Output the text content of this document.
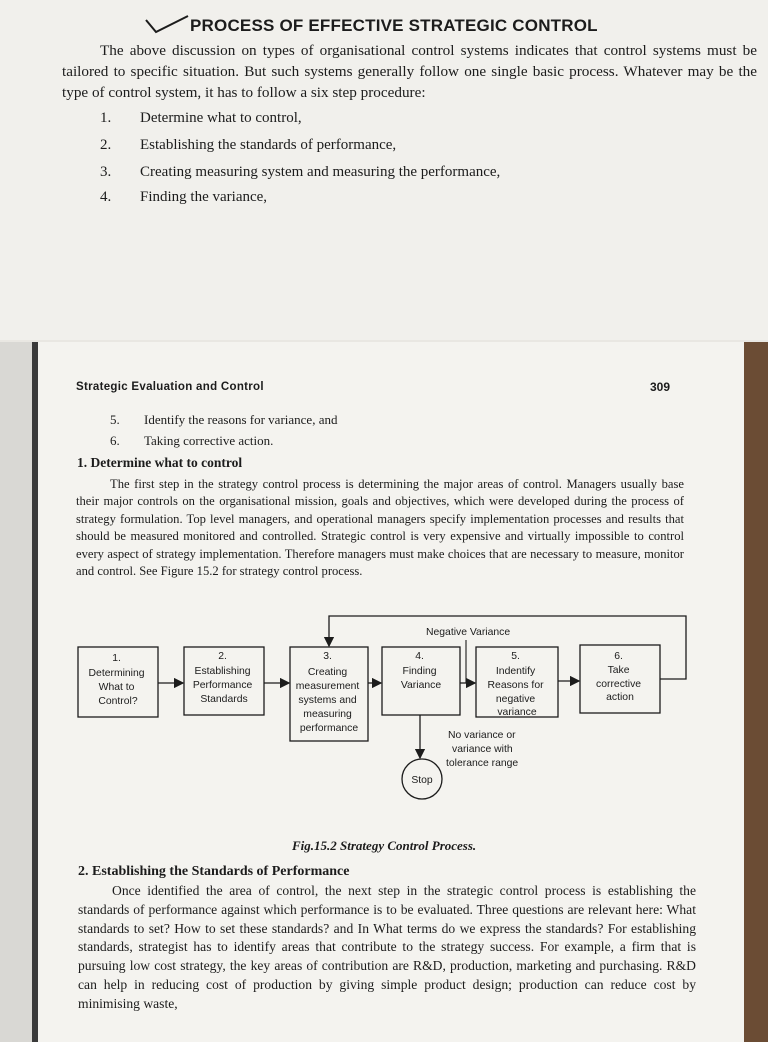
PROCESS OF EFFECTIVE STRATEGIC CONTROL

The above discussion on types of organisational control systems indicates that control systems must be tailored to specific situation. But such systems generally follow one single basic process. Whatever may be the type of control system, it has to follow a six step procedure:

1. Determine what to control,
2. Establishing the standards of performance,
3. Creating measuring system and measuring the performance,
4. Finding the variance,
Strategic Evaluation and Control	309
5. Identify the reasons for variance, and
6. Taking corrective action.
1. Determine what to control

The first step in the strategy control process is determining the major areas of control. Managers usually base their major controls on the organisational mission, goals and objectives, which were developed during the process of strategy formulation. Top level managers, and operational managers specify implementation processes and results that should be measured monitored and controlled. Strategic control is very expensive and virtually impossible to control every aspect of strategy implementation. Therefore managers must make choices that are necessary to measure, monitor and control. See Figure 15.2 for strategy control process.

Negative Variance
1. Determining What to Control?
2. Establishing Performance Standards
3. Creating measurement systems and measuring performance
4. Finding Variance
5. Indentify Reasons for negative variance
6. Take corrective action
No variance or variance with tolerance range
Stop
Fig.15.2 Strategy Control Process.
2. Establishing the Standards of Performance

Once identified the area of control, the next step in the strategic control process is establishing the standards of performance against which performance is to be evaluated. Three questions are relevant here: What standards to set? How to set these standards? and In What terms do we express the standards? For establishing standards, strategist has to identify areas that contribute to the strategy success. For example, a firm that is pursuing low cost strategy, the key areas of contribution are R&D, production, marketing and purchasing. R&D can help in reducing cost of production by giving simple product design; production can reduce cost by minimising waste,
